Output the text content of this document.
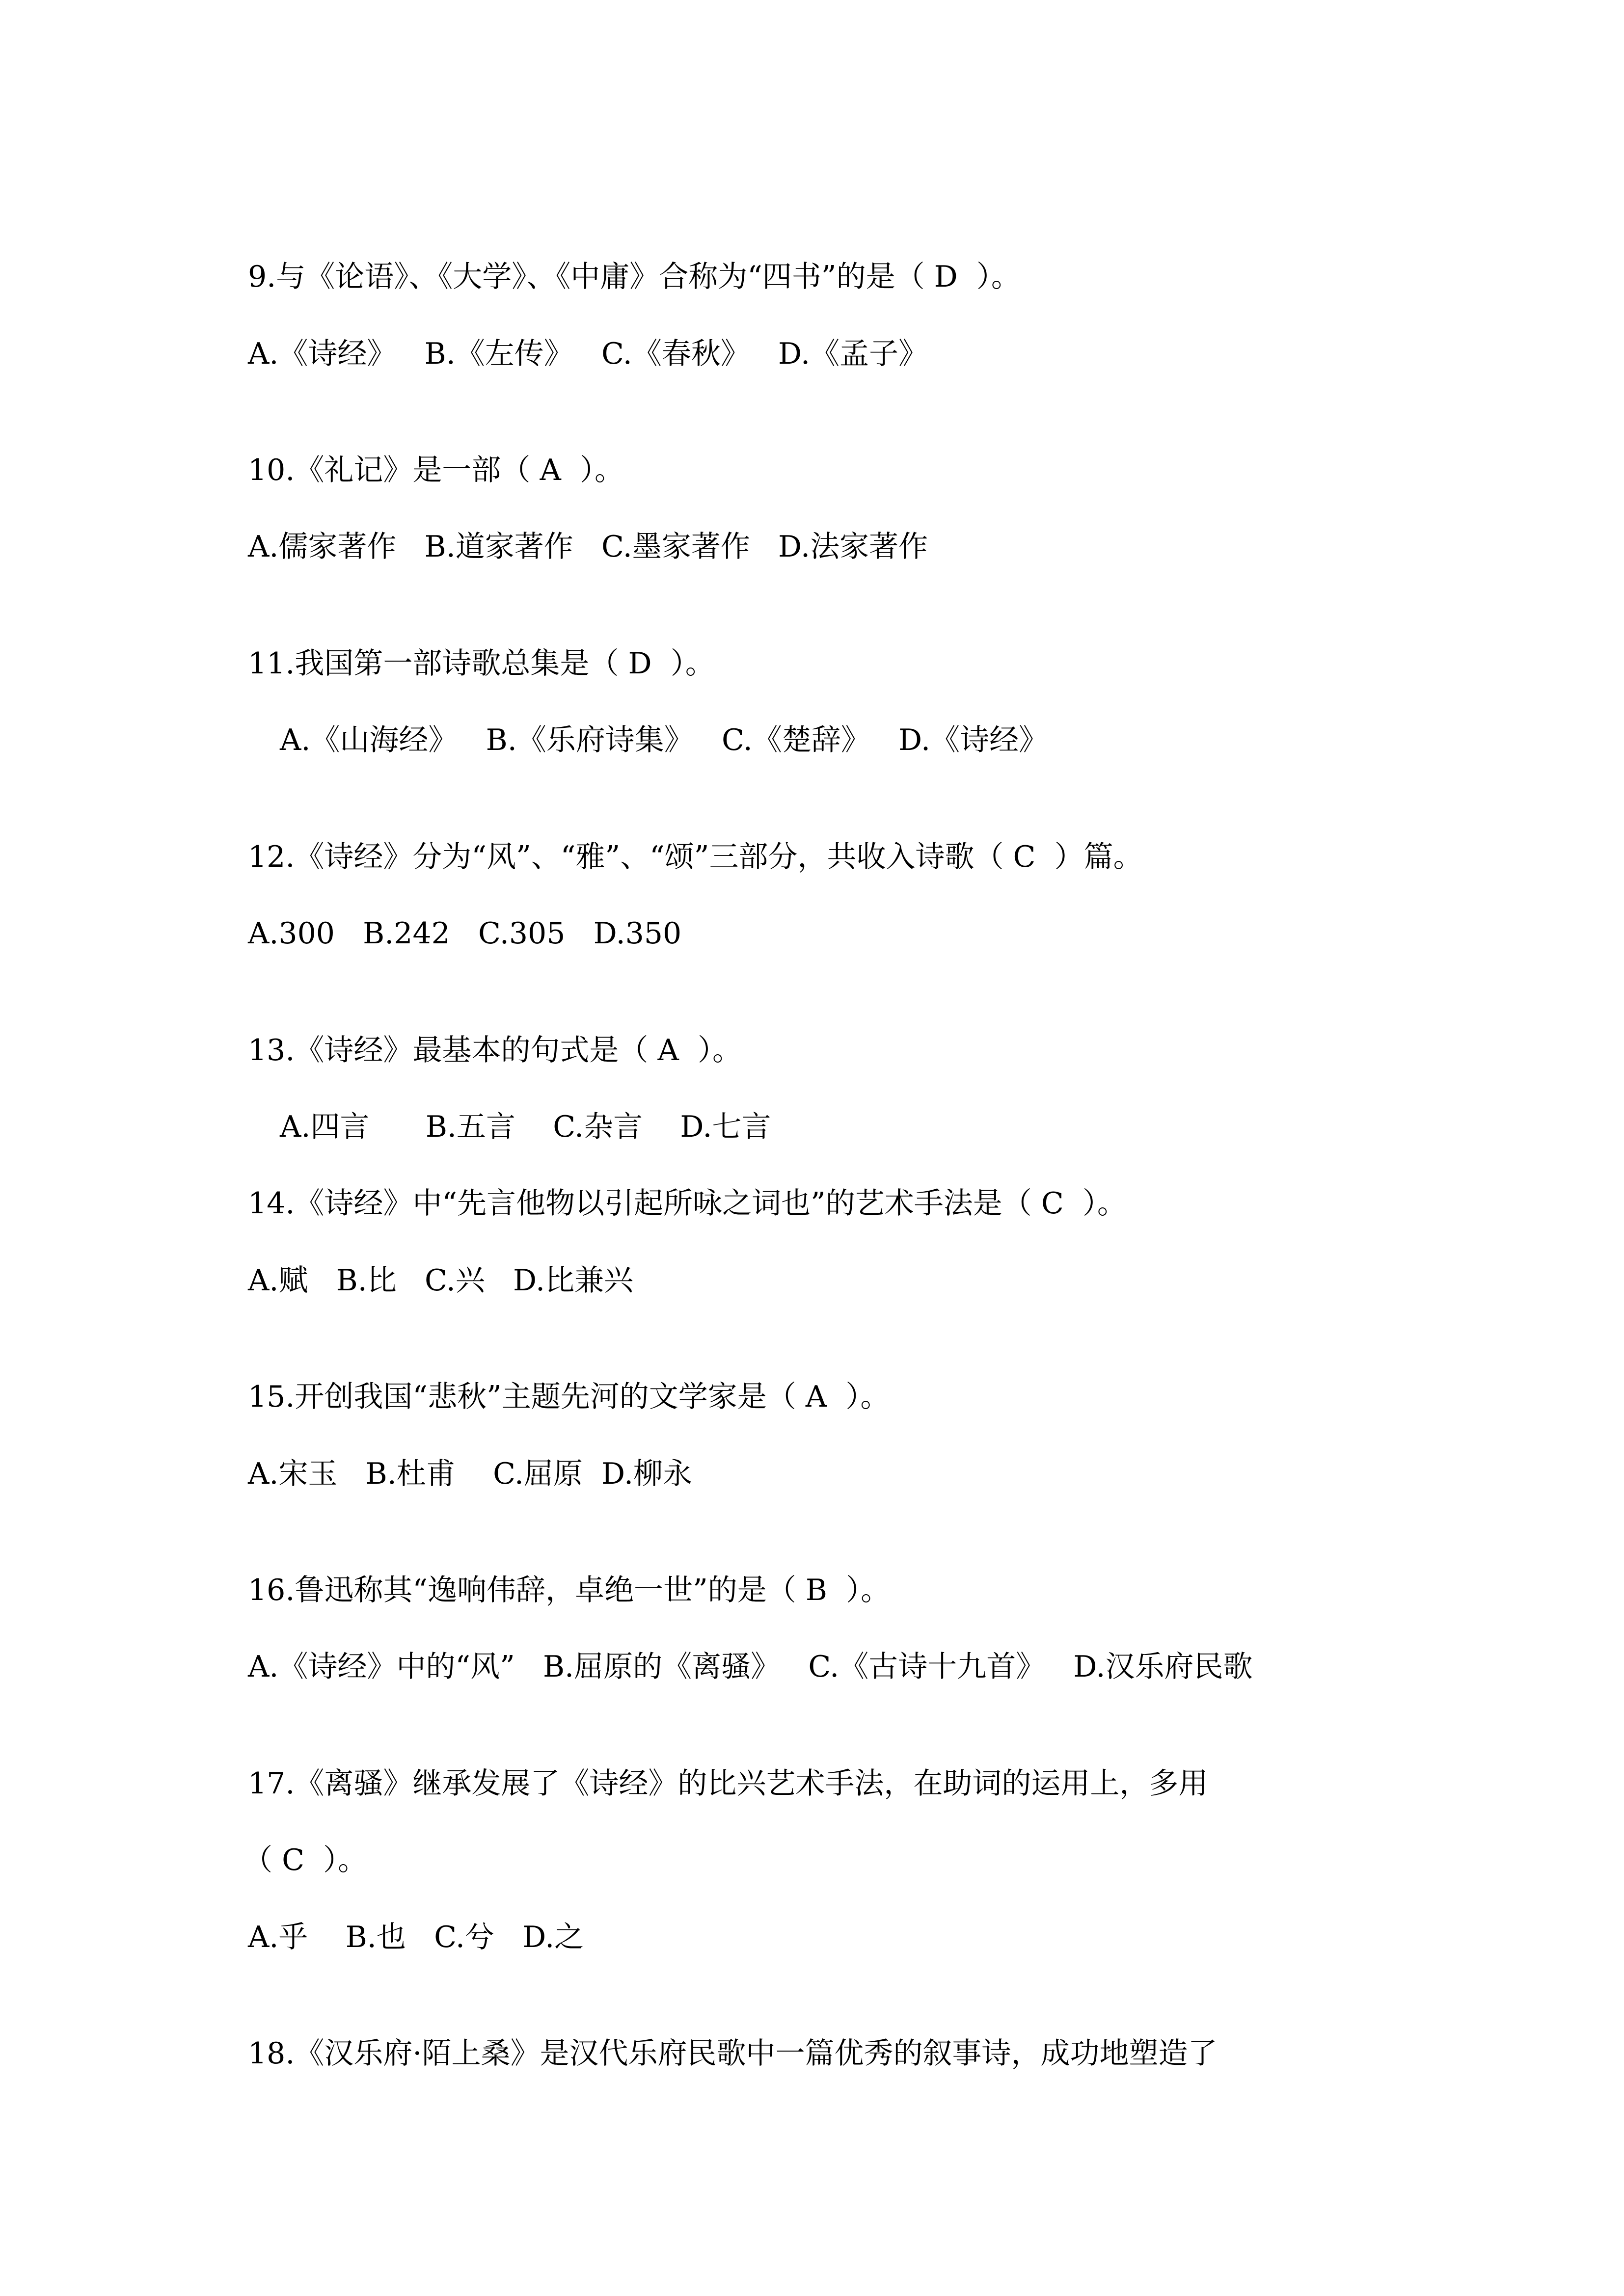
9.与《论语》、《大学》、《中庸》合称为“四书”的是（ D  ）。
A.《诗经》   B.《左传》   C.《春秋》   D.《孟子》
10.《礼记》是一部（ A  ）。
A.儒家著作   B.道家著作   C.墨家著作   D.法家著作
11.我国第一部诗歌总集是（ D  ）。
A.《山海经》   B.《乐府诗集》   C.《楚辞》   D.《诗经》
12.《诗经》分为“风”、“雅”、“颂”三部分，共收入诗歌（ C  ）篇。
A.300   B.242   C.305   D.350
13.《诗经》最基本的句式是（ A  ）。
A.四言      B.五言    C.杂言    D.七言
14.《诗经》中“先言他物以引起所咏之词也”的艺术手法是（ C  ）。
A.赋   B.比   C.兴   D.比兼兴
15.开创我国“悲秋”主题先河的文学家是（ A  ）。
A.宋玉   B.杜甫    C.屈原  D.柳永
16.鲁迅称其“逸响伟辞，卓绝一世”的是（ B  ）。
A.《诗经》中的“风”   B.屈原的《离骚》   C.《古诗十九首》   D.汉乐府民歌
17.《离骚》继承发展了《诗经》的比兴艺术手法，在助词的运用上，多用
（ C  ）。
A.乎    B.也   C.兮   D.之
18.《汉乐府·陌上桑》是汉代乐府民歌中一篇优秀的叙事诗，成功地塑造了
